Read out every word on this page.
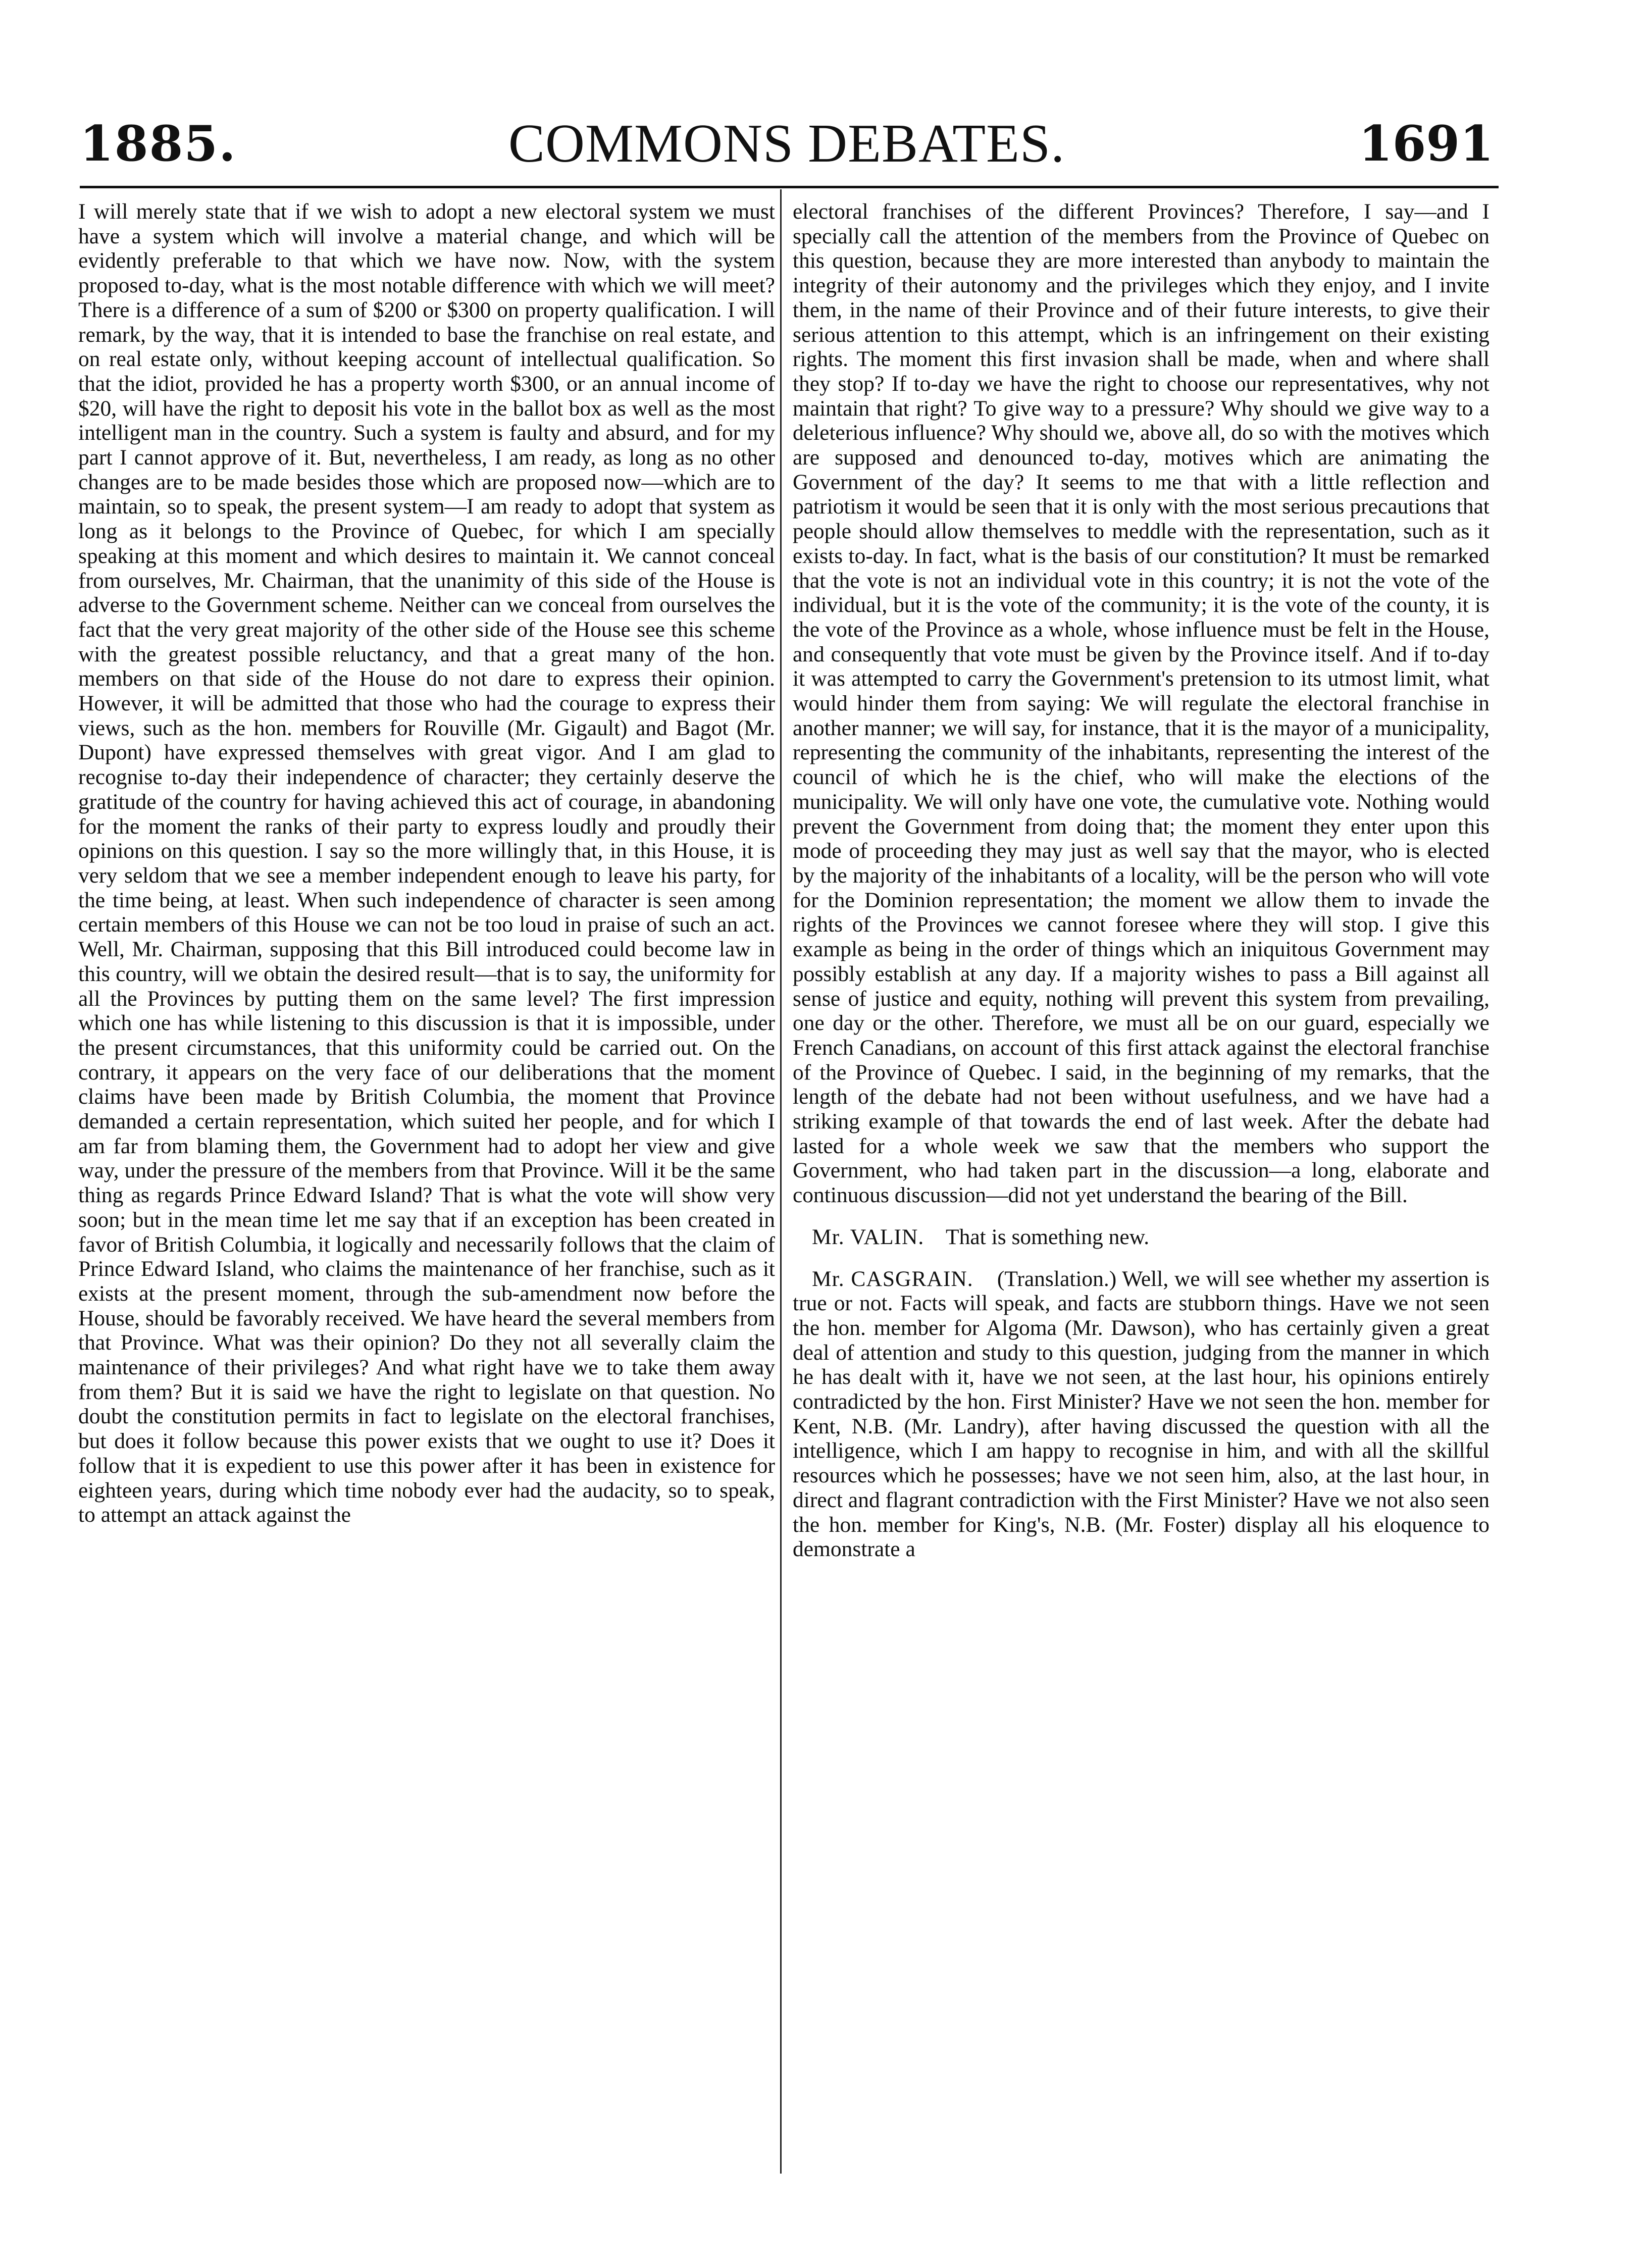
1885.	COMMONS DEBATES.	1691

I will merely state that if we wish to adopt a new electoral system we must have a system which will involve a material change, and which will be evidently preferable to that which we have now. Now, with the system proposed to-day, what is the most notable difference with which we will meet? There is a difference of a sum of $200 or $300 on property qualification. I will remark, by the way, that it is intended to base the franchise on real estate, and on real estate only, without keeping account of intellectual qualification. So that the idiot, provided he has a property worth $300, or an annual income of $20, will have the right to deposit his vote in the ballot box as well as the most intelligent man in the country. Such a system is faulty and absurd, and for my part I cannot approve of it. But, nevertheless, I am ready, as long as no other changes are to be made besides those which are proposed now—which are to maintain, so to speak, the present system—I am ready to adopt that system as long as it belongs to the Province of Quebec, for which I am specially speaking at this moment and which desires to maintain it. We cannot conceal from ourselves, Mr. Chairman, that the unanimity of this side of the House is adverse to the Government scheme. Neither can we conceal from ourselves the fact that the very great majority of the other side of the House see this scheme with the greatest possible reluctancy, and that a great many of the hon. members on that side of the House do not dare to express their opinion. However, it will be admitted that those who had the courage to express their views, such as the hon. members for Rouville (Mr. Gigault) and Bagot (Mr. Dupont) have expressed themselves with great vigor. And I am glad to recognise to-day their independence of character; they certainly deserve the gratitude of the country for having achieved this act of courage, in abandoning for the moment the ranks of their party to express loudly and proudly their opinions on this question. I say so the more willingly that, in this House, it is very seldom that we see a member independent enough to leave his party, for the time being, at least. When such independence of character is seen among certain members of this House we can not be too loud in praise of such an act. Well, Mr. Chairman, supposing that this Bill introduced could become law in this country, will we obtain the desired result—that is to say, the uniformity for all the Provinces by putting them on the same level? The first impression which one has while listening to this discussion is that it is impossible, under the present circumstances, that this uniformity could be carried out. On the contrary, it appears on the very face of our deliberations that the moment claims have been made by British Columbia, the moment that Province demanded a certain representation, which suited her people, and for which I am far from blaming them, the Government had to adopt her view and give way, under the pressure of the members from that Province. Will it be the same thing as regards Prince Edward Island? That is what the vote will show very soon; but in the mean time let me say that if an exception has been created in favor of British Columbia, it logically and necessarily follows that the claim of Prince Edward Island, who claims the maintenance of her franchise, such as it exists at the present moment, through the sub-amendment now before the House, should be favorably received. We have heard the several members from that Province. What was their opinion? Do they not all severally claim the maintenance of their privileges? And what right have we to take them away from them? But it is said we have the right to legislate on that question. No doubt the constitution permits in fact to legislate on the electoral franchises, but does it follow because this power exists that we ought to use it? Does it follow that it is expedient to use this power after it has been in existence for eighteen years, during which time nobody ever had the audacity, so to speak, to attempt an attack against the

electoral franchises of the different Provinces? Therefore, I say—and I specially call the attention of the members from the Province of Quebec on this question, because they are more interested than anybody to maintain the integrity of their autonomy and the privileges which they enjoy, and I invite them, in the name of their Province and of their future interests, to give their serious attention to this attempt, which is an infringement on their existing rights. The moment this first invasion shall be made, when and where shall they stop? If to-day we have the right to choose our representatives, why not maintain that right? To give way to a pressure? Why should we give way to a deleterious influence? Why should we, above all, do so with the motives which are supposed and denounced to-day, motives which are animating the Government of the day? It seems to me that with a little reflection and patriotism it would be seen that it is only with the most serious precautions that people should allow themselves to meddle with the representation, such as it exists to-day. In fact, what is the basis of our constitution? It must be remarked that the vote is not an individual vote in this country; it is not the vote of the individual, but it is the vote of the community; it is the vote of the county, it is the vote of the Province as a whole, whose influence must be felt in the House, and consequently that vote must be given by the Province itself. And if to-day it was attempted to carry the Government's pretension to its utmost limit, what would hinder them from saying: We will regulate the electoral franchise in another manner; we will say, for instance, that it is the mayor of a municipality, representing the community of the inhabitants, representing the interest of the council of which he is the chief, who will make the elections of the municipality. We will only have one vote, the cumulative vote. Nothing would prevent the Government from doing that; the moment they enter upon this mode of proceeding they may just as well say that the mayor, who is elected by the majority of the inhabitants of a locality, will be the person who will vote for the Dominion representation; the moment we allow them to invade the rights of the Provinces we cannot foresee where they will stop. I give this example as being in the order of things which an iniquitous Government may possibly establish at any day. If a majority wishes to pass a Bill against all sense of justice and equity, nothing will prevent this system from prevailing, one day or the other. Therefore, we must all be on our guard, especially we French Canadians, on account of this first attack against the electoral franchise of the Province of Quebec. I said, in the beginning of my remarks, that the length of the debate had not been without usefulness, and we have had a striking example of that towards the end of last week. After the debate had lasted for a whole week we saw that the members who support the Government, who had taken part in the discussion—a long, elaborate and continuous discussion—did not yet understand the bearing of the Bill.

Mr. VALIN. That is something new.

Mr. CASGRAIN. (Translation.) Well, we will see whether my assertion is true or not. Facts will speak, and facts are stubborn things. Have we not seen the hon. member for Algoma (Mr. Dawson), who has certainly given a great deal of attention and study to this question, judging from the manner in which he has dealt with it, have we not seen, at the last hour, his opinions entirely contradicted by the hon. First Minister? Have we not seen the hon. member for Kent, N.B. (Mr. Landry), after having discussed the question with all the intelligence, which I am happy to recognise in him, and with all the skillful resources which he possesses; have we not seen him, also, at the last hour, in direct and flagrant contradiction with the First Minister? Have we not also seen the hon. member for King's, N.B. (Mr. Foster) display all his eloquence to demonstrate a
